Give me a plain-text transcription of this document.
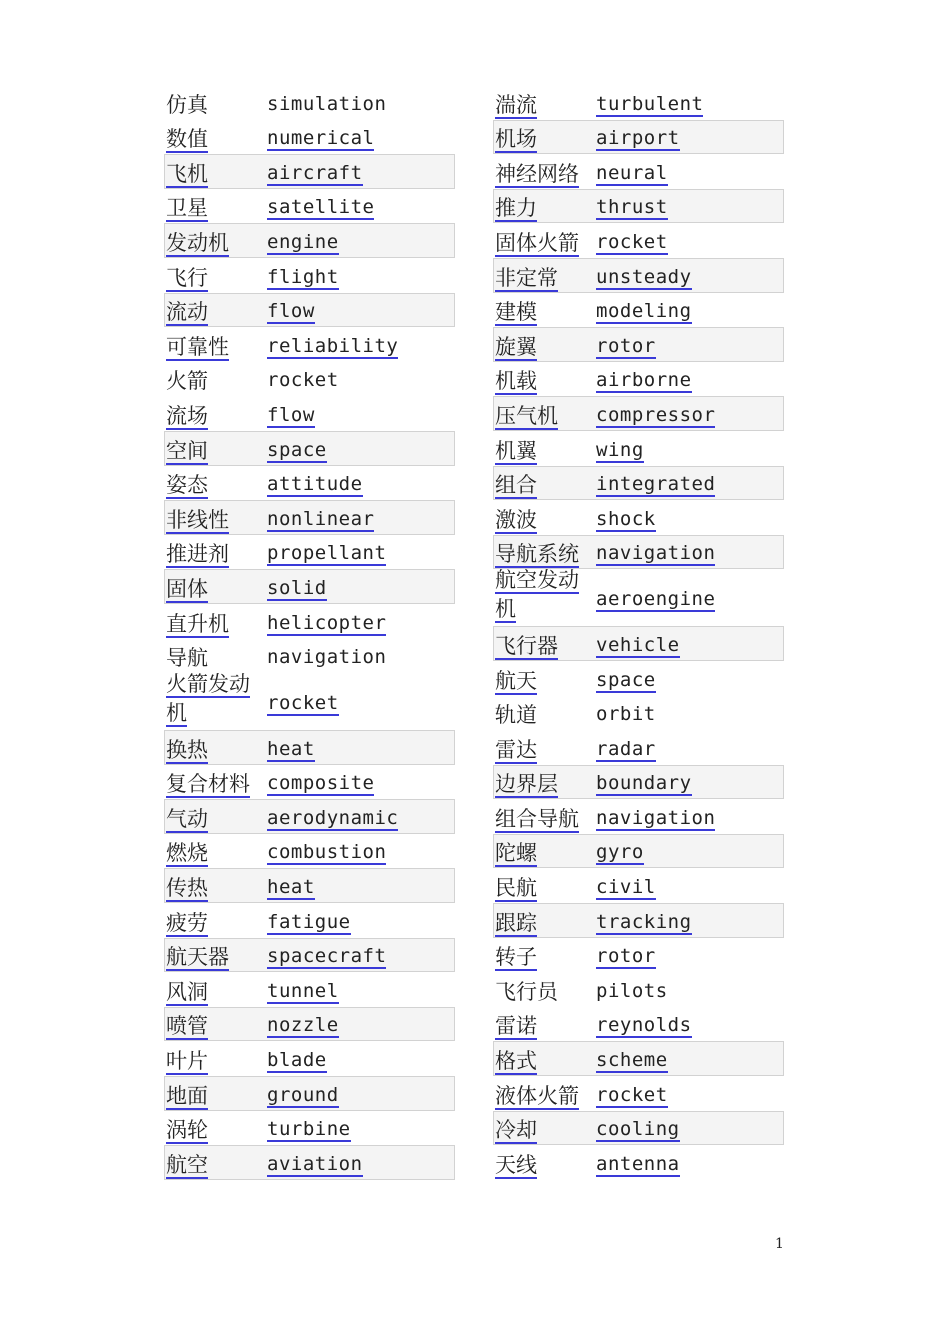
仿真	simulation
数值	numerical
飞机	aircraft
卫星	satellite
发动机	engine
飞行	flight
流动	flow
可靠性	reliability
火箭	rocket
流场	flow
空间	space
姿态	attitude
非线性	nonlinear
推进剂	propellant
固体	solid
直升机	helicopter
导航	navigation
火箭发动机	rocket
换热	heat
复合材料 composite
气动	aerodynamic
燃烧	combustion
传热	heat
疲劳	fatigue
航天器	spacecraft
风洞	tunnel
喷管	nozzle
叶片	blade
地面	ground
涡轮	turbine
航空	aviation
湍流	turbulent
机场	airport
神经网络 neural
推力	thrust
固体火箭 rocket
非定常	unsteady
建模	modeling
旋翼	rotor
机载	airborne
压气机	compressor
机翼	wing
组合	integrated
激波	shock
导航系统 navigation
航空发动机	aeroengine
飞行器	vehicle
航天	space
轨道	orbit
雷达	radar
边界层	boundary
组合导航 navigation
陀螺	gyro
民航	civil
跟踪	tracking
转子	rotor
飞行员	pilots
雷诺	reynolds
格式	scheme
液体火箭 rocket
冷却	cooling
天线	antenna
1
